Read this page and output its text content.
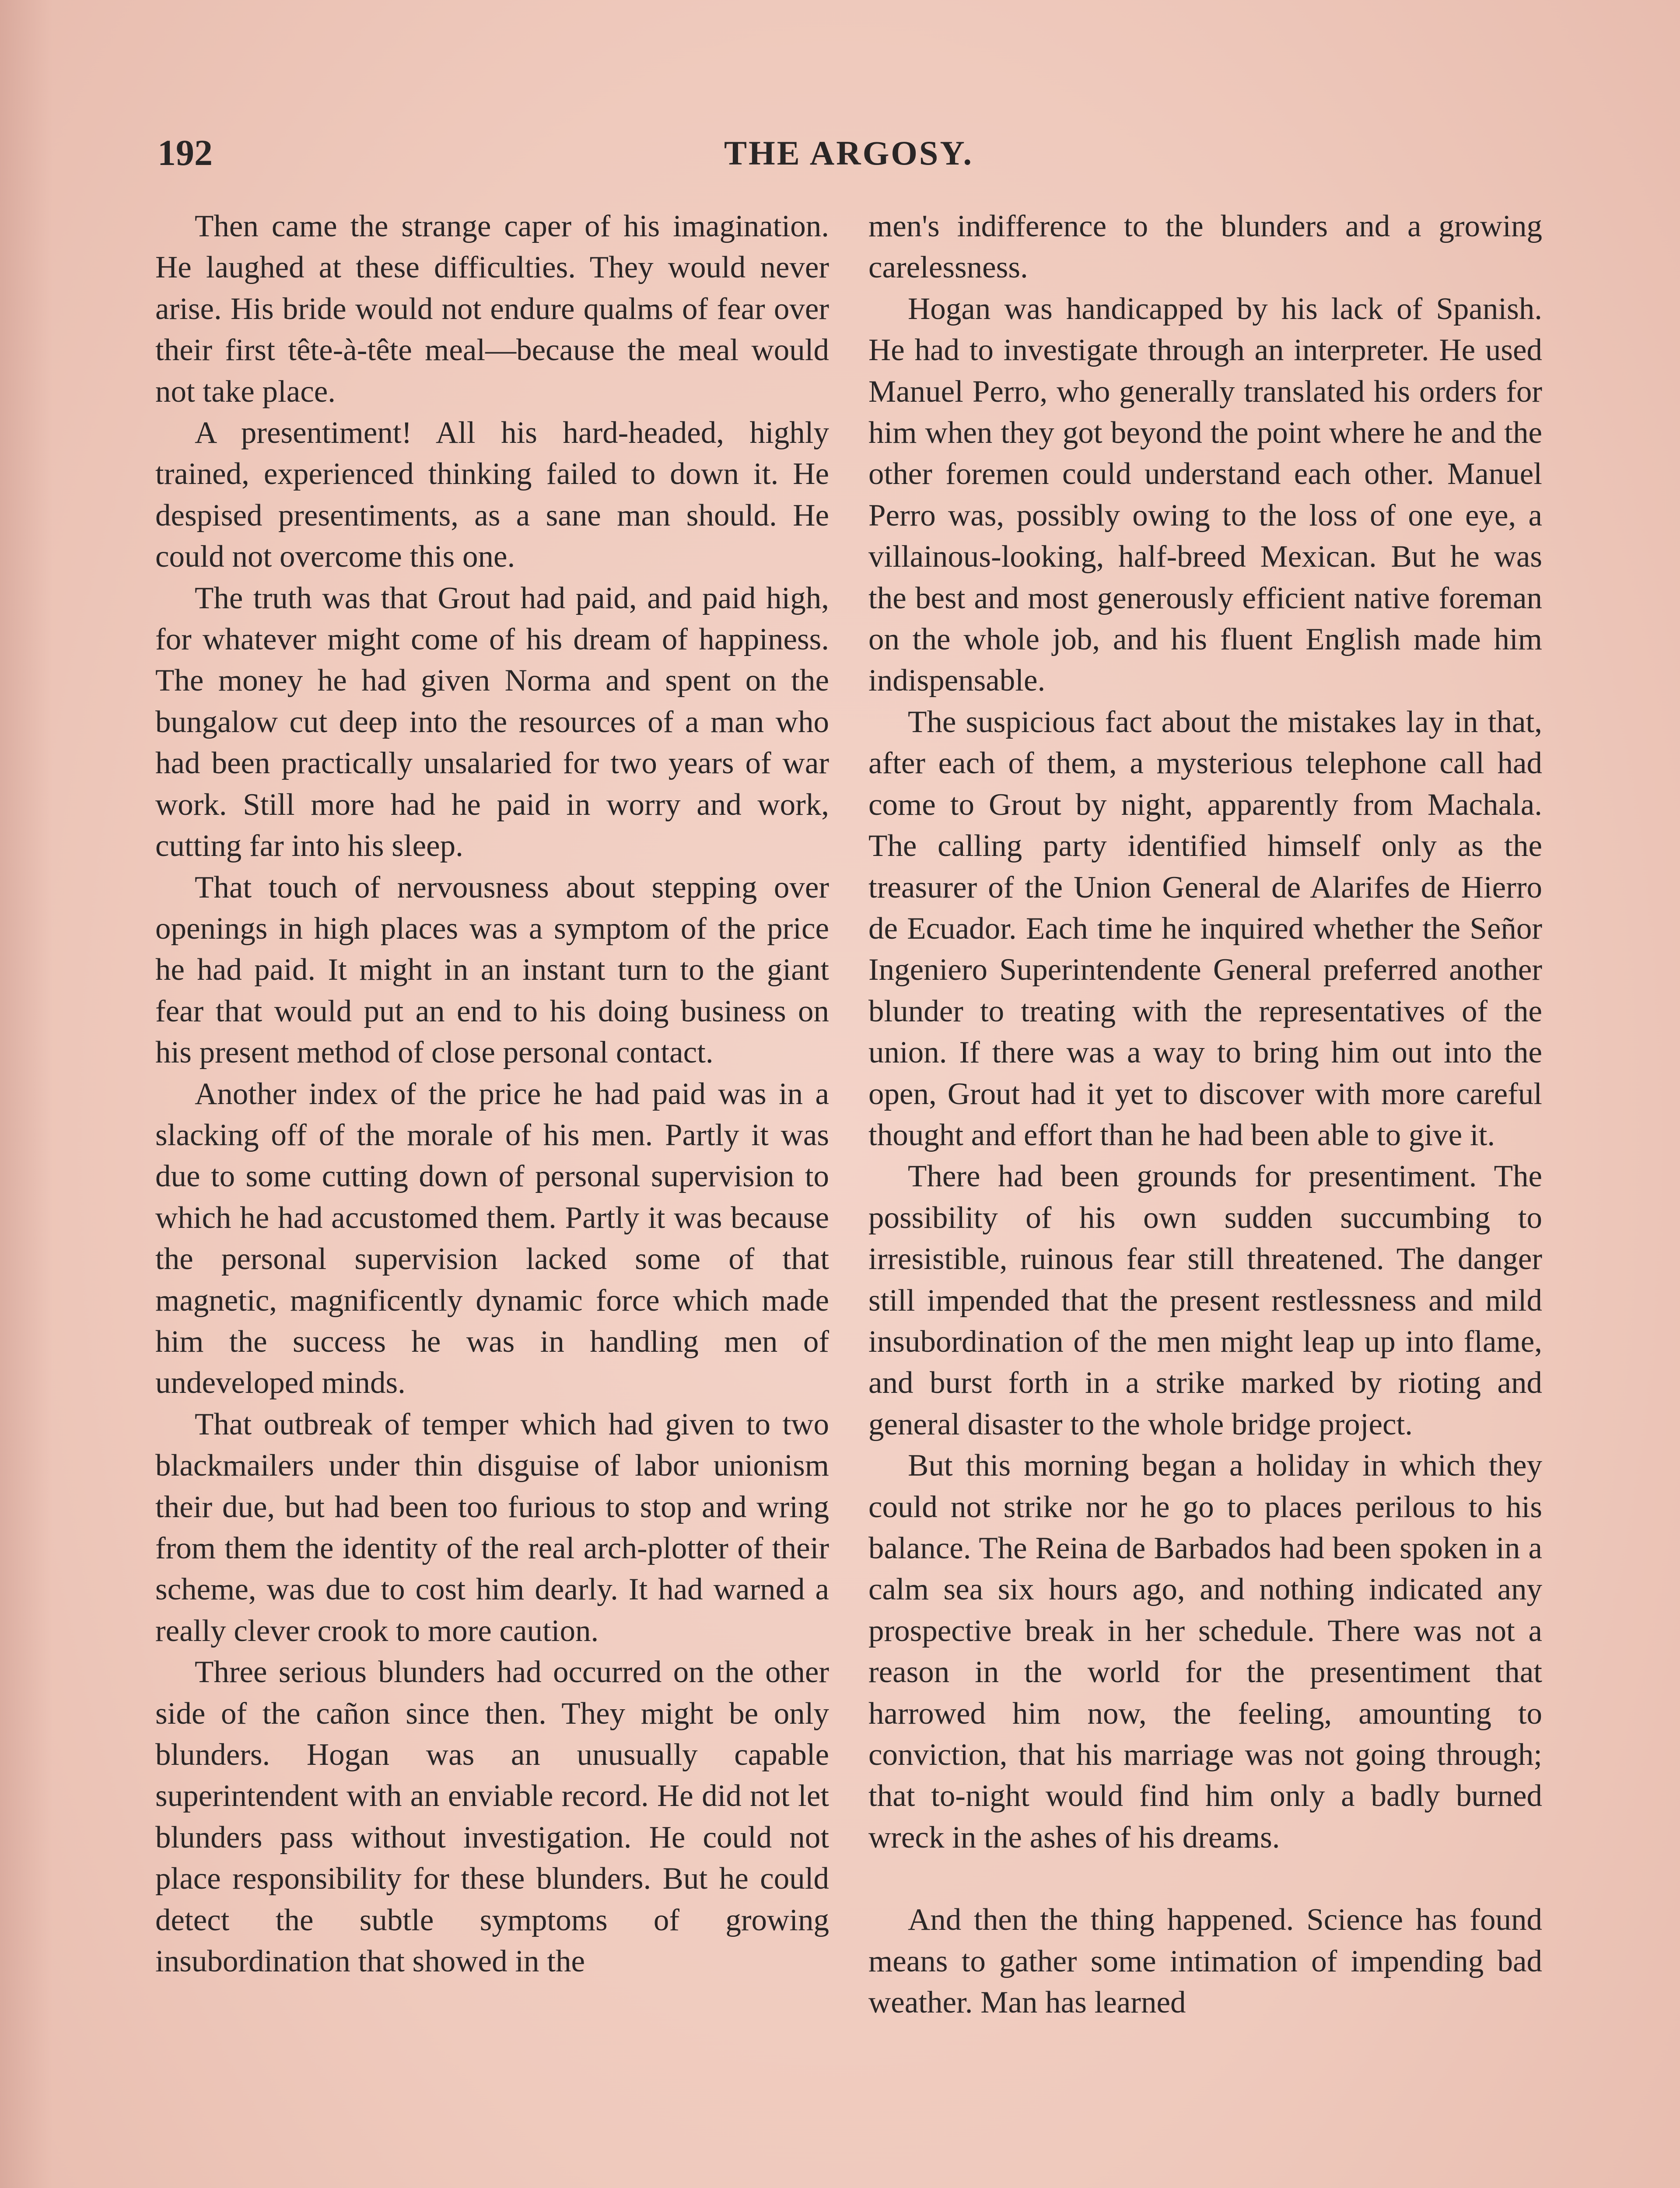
192	THE ARGOSY.

Then came the strange caper of his imagination. He laughed at these difficulties. They would never arise. His bride would not endure qualms of fear over their first tête-à-tête meal—because the meal would not take place.

A presentiment! All his hard-headed, highly trained, experienced thinking failed to down it. He despised presentiments, as a sane man should. He could not overcome this one.

The truth was that Grout had paid, and paid high, for whatever might come of his dream of happiness. The money he had given Norma and spent on the bungalow cut deep into the resources of a man who had been practically unsalaried for two years of war work. Still more had he paid in worry and work, cutting far into his sleep.

That touch of nervousness about stepping over openings in high places was a symptom of the price he had paid. It might in an instant turn to the giant fear that would put an end to his doing business on his present method of close personal contact.

Another index of the price he had paid was in a slacking off of the morale of his men. Partly it was due to some cutting down of personal supervision to which he had accustomed them. Partly it was because the personal supervision lacked some of that magnetic, magnificently dynamic force which made him the success he was in handling men of undeveloped minds.

That outbreak of temper which had given to two blackmailers under thin disguise of labor unionism their due, but had been too furious to stop and wring from them the identity of the real arch-plotter of their scheme, was due to cost him dearly. It had warned a really clever crook to more caution.

Three serious blunders had occurred on the other side of the cañon since then. They might be only blunders. Hogan was an unusually capable superintendent with an enviable record. He did not let blunders pass without investigation. He could not place responsibility for these blunders. But he could detect the subtle symptoms of growing insubordination that showed in the

men's indifference to the blunders and a growing carelessness.

Hogan was handicapped by his lack of Spanish. He had to investigate through an interpreter. He used Manuel Perro, who generally translated his orders for him when they got beyond the point where he and the other foremen could understand each other. Manuel Perro was, possibly owing to the loss of one eye, a villainous-looking, half-breed Mexican. But he was the best and most generously efficient native foreman on the whole job, and his fluent English made him indispensable.

The suspicious fact about the mistakes lay in that, after each of them, a mysterious telephone call had come to Grout by night, apparently from Machala. The calling party identified himself only as the treasurer of the Union General de Alarifes de Hierro de Ecuador. Each time he inquired whether the Señor Ingeniero Superintendente General preferred another blunder to treating with the representatives of the union. If there was a way to bring him out into the open, Grout had it yet to discover with more careful thought and effort than he had been able to give it.

There had been grounds for presentiment. The possibility of his own sudden succumbing to irresistible, ruinous fear still threatened. The danger still impended that the present restlessness and mild insubordination of the men might leap up into flame, and burst forth in a strike marked by rioting and general disaster to the whole bridge project.

But this morning began a holiday in which they could not strike nor he go to places perilous to his balance. The Reina de Barbados had been spoken in a calm sea six hours ago, and nothing indicated any prospective break in her schedule. There was not a reason in the world for the presentiment that harrowed him now, the feeling, amounting to conviction, that his marriage was not going through; that to-night would find him only a badly burned wreck in the ashes of his dreams.

And then the thing happened. Science has found means to gather some intimation of impending bad weather. Man has learned
